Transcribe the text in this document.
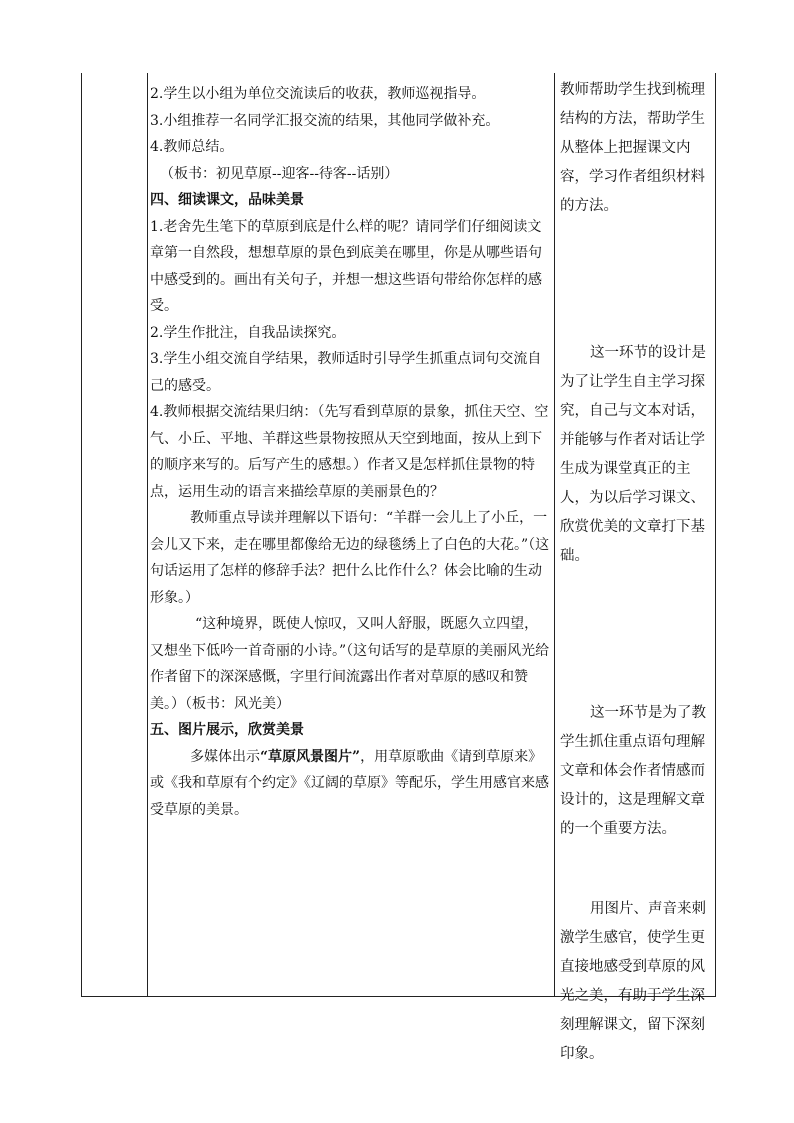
2.学生以小组为单位交流读后的收获，教师巡视指导。

3.小组推荐一名同学汇报交流的结果，其他同学做补充。

4.教师总结。

（板书：初见草原--迎客--待客--话别）

四、细读课文，品味美景

1.老舍先生笔下的草原到底是什么样的呢？请同学们仔细阅读文章第一自然段，想想草原的景色到底美在哪里，你是从哪些语句中感受到的。画出有关句子，并想一想这些语句带给你怎样的感受。

2.学生作批注，自我品读探究。

3.学生小组交流自学结果，教师适时引导学生抓重点词句交流自己的感受。

4.教师根据交流结果归纳：（先写看到草原的景象，抓住天空、空气、小丘、平地、羊群这些景物按照从天空到地面，按从上到下的顺序来写的。后写产生的感想。）作者又是怎样抓住景物的特点，运用生动的语言来描绘草原的美丽景色的？

教师重点导读并理解以下语句：“羊群一会儿上了小丘，一会儿又下来，走在哪里都像给无边的绿毯绣上了白色的大花。”（这句话运用了怎样的修辞手法？把什么比作什么？体会比喻的生动形象。）

“这种境界，既使人惊叹，又叫人舒服，既愿久立四望，又想坐下低吟一首奇丽的小诗。”（这句话写的是草原的美丽风光给作者留下的深深感慨，字里行间流露出作者对草原的感叹和赞美。）（板书：风光美）

五、图片展示，欣赏美景

多媒体出示“草原风景图片”，用草原歌曲《请到草原来》或《我和草原有个约定》《辽阔的草原》等配乐，学生用感官来感受草原的美景。

教师帮助学生找到梳理结构的方法，帮助学生从整体上把握课文内容，学习作者组织材料的方法。

这一环节的设计是为了让学生自主学习探究，自己与文本对话，并能够与作者对话让学生成为课堂真正的主人，为以后学习课文、欣赏优美的文章打下基础。

这一环节是为了教学生抓住重点语句理解文章和体会作者情感而设计的，这是理解文章的一个重要方法。

用图片、声音来刺激学生感官，使学生更直接地感受到草原的风光之美，有助于学生深刻理解课文，留下深刻印象。
